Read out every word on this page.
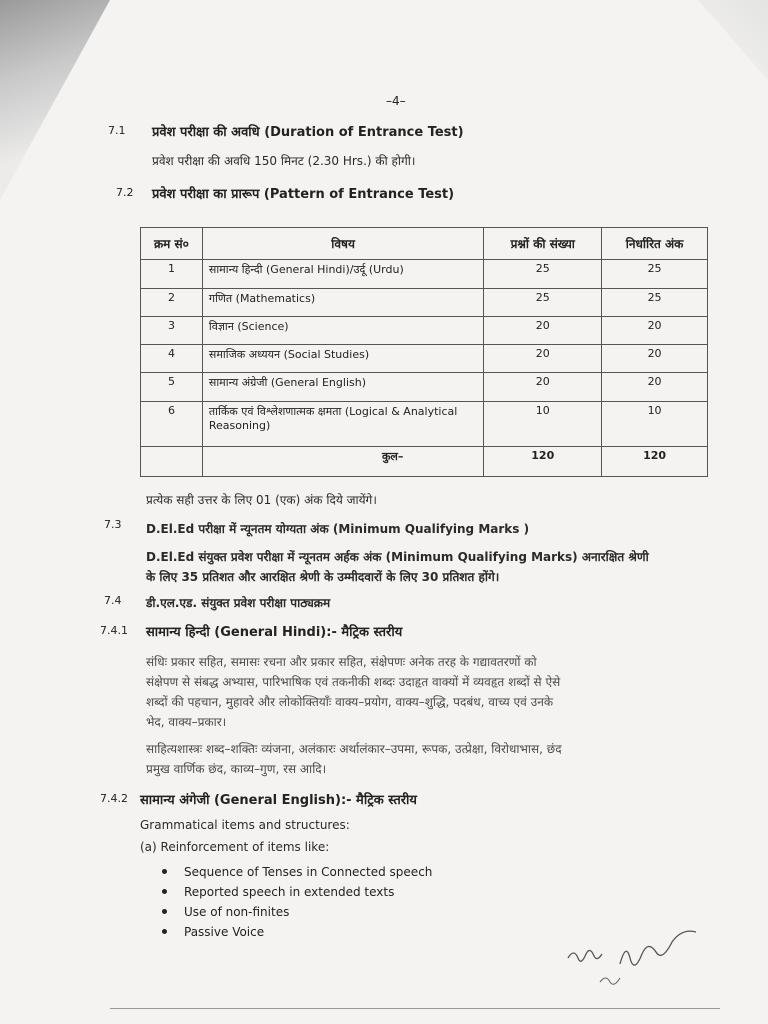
–4–
7.1 प्रवेश परीक्षा की अवधि (Duration of Entrance Test)
प्रवेश परीक्षा की अवधि 150 मिनट (2.30 Hrs.) की होगी।
7.2 प्रवेश परीक्षा का प्रारूप (Pattern of Entrance Test)
क्रम सं०	विषय	प्रश्नों की संख्या	निर्धारित अंक
1	सामान्य हिन्दी (General Hindi)/उर्दू (Urdu)	25	25
2	गणित (Mathematics)	25	25
3	विज्ञान (Science)	20	20
4	समाजिक अध्ययन (Social Studies)	20	20
5	सामान्य अंग्रेजी (General English)	20	20
6	तार्किक एवं विश्लेशणात्मक क्षमता (Logical & Analytical Reasoning)	10	10
	कुल–	120	120
प्रत्येक सही उत्तर के लिए 01 (एक) अंक दिये जायेंगे।
7.3 D.El.Ed परीक्षा में न्यूनतम योग्यता अंक (Minimum Qualifying Marks )
D.El.Ed संयुक्त प्रवेश परीक्षा में न्यूनतम अर्हक अंक (Minimum Qualifying Marks) अनारक्षित श्रेणी
के लिए 35 प्रतिशत और आरक्षित श्रेणी के उम्मीदवारों के लिए 30 प्रतिशत होंगे।
7.4 डी.एल.एड. संयुक्त प्रवेश परीक्षा पाठ्यक्रम
7.4.1 सामान्य हिन्दी (General Hindi):- मैट्रिक स्तरीय
संधिः प्रकार सहित, समासः रचना और प्रकार सहित, संक्षेपणः अनेक तरह के गद्यावतरणों को
संक्षेपण से संबद्ध अभ्यास, पारिभाषिक एवं तकनीकी शब्दः उदाहृत वाक्यों में व्यवहृत शब्दों से ऐसे
शब्दों की पहचान, मुहावरे और लोकोक्तियाँः वाक्य–प्रयोग, वाक्य–शुद्धि, पदबंध, वाच्य एवं उनके
भेद, वाक्य–प्रकार।
साहित्यशास्त्रः शब्द–शक्तिः व्यंजना, अलंकारः अर्थालंकार–उपमा, रूपक, उत्प्रेक्षा, विरोधाभास, छंद
प्रमुख वार्णिक छंद, काव्य–गुण, रस आदि।
7.4.2 सामान्य अंगेजी (General English):- मैट्रिक स्तरीय
Grammatical items and structures:
(a) Reinforcement of items like:
Sequence of Tenses in Connected speech
Reported speech in extended texts
Use of non-finites
Passive Voice
